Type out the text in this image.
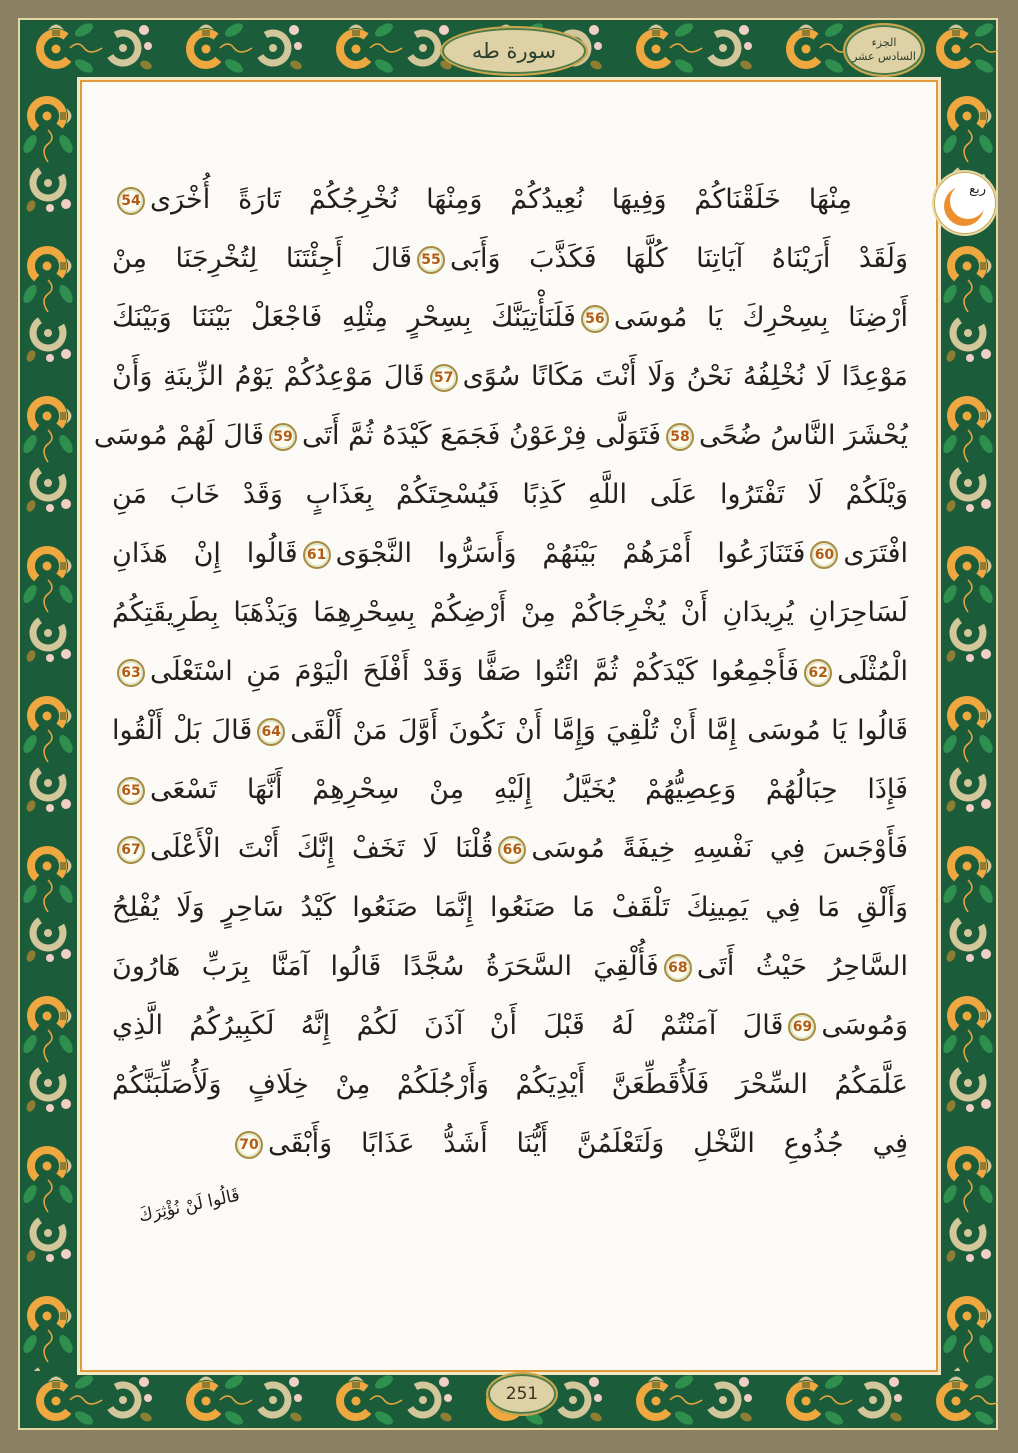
سورة طه	الجزء
السادس عشر
ربع
مِنْهَا خَلَقْنَاكُمْ وَفِيهَا نُعِيدُكُمْ وَمِنْهَا نُخْرِجُكُمْ تَارَةً أُخْرَى54
وَلَقَدْ أَرَيْنَاهُ آيَاتِنَا كُلَّهَا فَكَذَّبَ وَأَبَى55قَالَ أَجِئْتَنَا لِتُخْرِجَنَا مِنْ
أَرْضِنَا بِسِحْرِكَ يَا مُوسَى56فَلَنَأْتِيَنَّكَ بِسِحْرٍ مِثْلِهِ فَاجْعَلْ بَيْنَنَا وَبَيْنَكَ
مَوْعِدًا لَا نُخْلِفُهُ نَحْنُ وَلَا أَنْتَ مَكَانًا سُوًى57قَالَ مَوْعِدُكُمْ يَوْمُ الزِّينَةِ وَأَنْ
يُحْشَرَ النَّاسُ ضُحًى58فَتَوَلَّى فِرْعَوْنُ فَجَمَعَ كَيْدَهُ ثُمَّ أَتَى59قَالَ لَهُمْ مُوسَى
وَيْلَكُمْ لَا تَفْتَرُوا عَلَى اللَّهِ كَذِبًا فَيُسْحِتَكُمْ بِعَذَابٍ وَقَدْ خَابَ مَنِ
افْتَرَى60فَتَنَازَعُوا أَمْرَهُمْ بَيْنَهُمْ وَأَسَرُّوا النَّجْوَى61قَالُوا إِنْ هَذَانِ
لَسَاحِرَانِ يُرِيدَانِ أَنْ يُخْرِجَاكُمْ مِنْ أَرْضِكُمْ بِسِحْرِهِمَا وَيَذْهَبَا بِطَرِيقَتِكُمُ
الْمُثْلَى62فَأَجْمِعُوا كَيْدَكُمْ ثُمَّ ائْتُوا صَفًّا وَقَدْ أَفْلَحَ الْيَوْمَ مَنِ اسْتَعْلَى63
قَالُوا يَا مُوسَى إِمَّا أَنْ تُلْقِيَ وَإِمَّا أَنْ نَكُونَ أَوَّلَ مَنْ أَلْقَى64قَالَ بَلْ أَلْقُوا
فَإِذَا حِبَالُهُمْ وَعِصِيُّهُمْ يُخَيَّلُ إِلَيْهِ مِنْ سِحْرِهِمْ أَنَّهَا تَسْعَى65
فَأَوْجَسَ فِي نَفْسِهِ خِيفَةً مُوسَى66قُلْنَا لَا تَخَفْ إِنَّكَ أَنْتَ الْأَعْلَى67
وَأَلْقِ مَا فِي يَمِينِكَ تَلْقَفْ مَا صَنَعُوا إِنَّمَا صَنَعُوا كَيْدُ سَاحِرٍ وَلَا يُفْلِحُ
السَّاحِرُ حَيْثُ أَتَى68فَأُلْقِيَ السَّحَرَةُ سُجَّدًا قَالُوا آمَنَّا بِرَبِّ هَارُونَ
وَمُوسَى69قَالَ آمَنْتُمْ لَهُ قَبْلَ أَنْ آذَنَ لَكُمْ إِنَّهُ لَكَبِيرُكُمُ الَّذِي
عَلَّمَكُمُ السِّحْرَ فَلَأُقَطِّعَنَّ أَيْدِيَكُمْ وَأَرْجُلَكُمْ مِنْ خِلَافٍ وَلَأُصَلِّبَنَّكُمْ
فِي جُذُوعِ النَّخْلِ وَلَتَعْلَمُنَّ أَيُّنَا أَشَدُّ عَذَابًا وَأَبْقَى70
قَالُوا لَنْ نُؤْثِرَكَ
251
